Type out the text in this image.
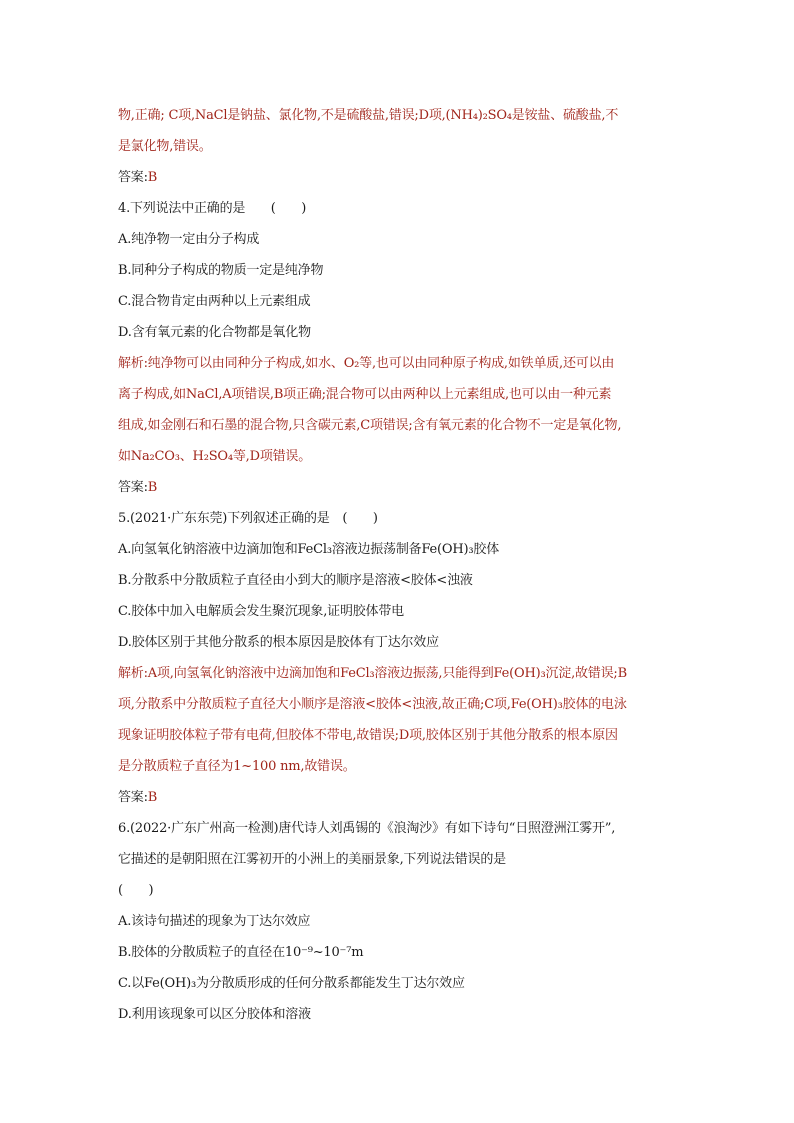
物,正确; C项,NaCl是钠盐、氯化物,不是硫酸盐,错误;D项,(NH₄)₂SO₄是铵盐、硫酸盐,不
是氯化物,错误。
答案:B
4.下列说法中正确的是　　(　　)
A.纯净物一定由分子构成
B.同种分子构成的物质一定是纯净物
C.混合物肯定由两种以上元素组成
D.含有氧元素的化合物都是氧化物
解析:纯净物可以由同种分子构成,如水、O₂等,也可以由同种原子构成,如铁单质,还可以由
离子构成,如NaCl,A项错误,B项正确;混合物可以由两种以上元素组成,也可以由一种元素
组成,如金刚石和石墨的混合物,只含碳元素,C项错误;含有氧元素的化合物不一定是氧化物,
如Na₂CO₃、H₂SO₄等,D项错误。
答案:B
5.(2021·广东东莞)下列叙述正确的是　(　　)
A.向氢氧化钠溶液中边滴加饱和FeCl₃溶液边振荡制备Fe(OH)₃胶体
B.分散系中分散质粒子直径由小到大的顺序是溶液<胶体<浊液
C.胶体中加入电解质会发生聚沉现象,证明胶体带电
D.胶体区别于其他分散系的根本原因是胶体有丁达尔效应
解析:A项,向氢氧化钠溶液中边滴加饱和FeCl₃溶液边振荡,只能得到Fe(OH)₃沉淀,故错误;B
项,分散系中分散质粒子直径大小顺序是溶液<胶体<浊液,故正确;C项,Fe(OH)₃胶体的电泳
现象证明胶体粒子带有电荷,但胶体不带电,故错误;D项,胶体区别于其他分散系的根本原因
是分散质粒子直径为1~100 nm,故错误。
答案:B
6.(2022·广东广州高一检测)唐代诗人刘禹锡的《浪淘沙》有如下诗句“日照澄洲江雾开”,
它描述的是朝阳照在江雾初开的小洲上的美丽景象,下列说法错误的是
(　　)
A.该诗句描述的现象为丁达尔效应
B.胶体的分散质粒子的直径在10⁻⁹~10⁻⁷m
C.以Fe(OH)₃为分散质形成的任何分散系都能发生丁达尔效应
D.利用该现象可以区分胶体和溶液
